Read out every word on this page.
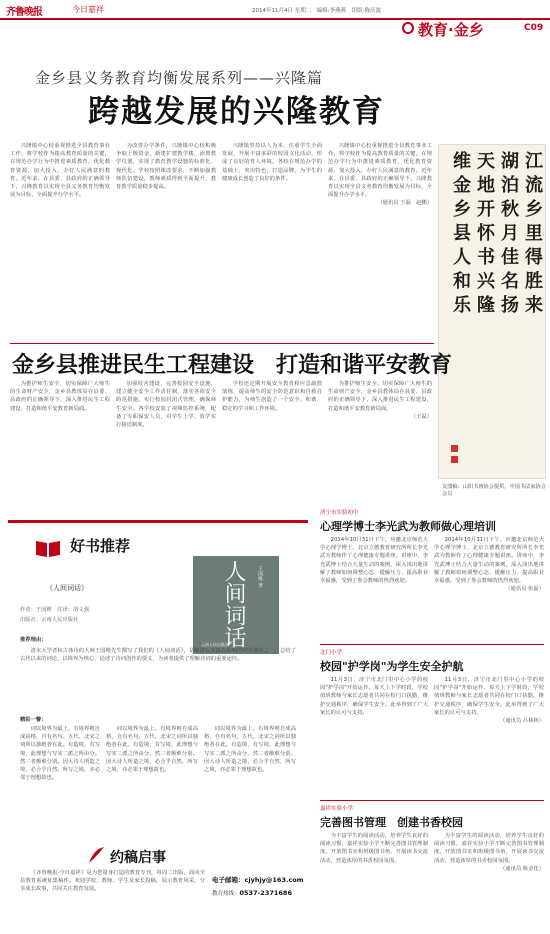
齐鲁晚报	今日嘉祥	2014年11月4日 星期二　编辑:李燕燕　组版:陈庆波
教育·金乡	C09
金乡县义务教育均衡发展系列——兴隆篇
跨越发展的兴隆教育

兴隆镇中心校重视推进全县教育事业工作，将学校作为提高教育质量的关键，在规范办学行为中推进素质教育，优化教育资源，加大投入，办好人民满意的教育。近年来，在县委、县政府的正确领导下，兴隆教育以实现全县义务教育均衡发展为目标，全面提升办学水平。

为改善办学条件，兴隆镇中心校积极争取上级资金，新建扩建教学楼，添置教学仪器，实现了教育教学设施的标准化、现代化。学校按照课改要求，不断加强教师队伍建设，教师素质得到全面提升，教育教学质量稳步提高。

兴隆镇坚持以人为本，注重学生全面发展，开展丰富多彩的校园文化活动，形成了良好的育人环境。各校在规范办学的基础上，突出特色，打造品牌，为学生的健康成长创造了良好的条件。

兴隆镇中心校重视推进全县教育事业工作，将学校作为提高教育质量的关键，在规范办学行为中推进素质教育，优化教育资源，加大投入，办好人民满意的教育。近年来，在县委、县政府的正确领导下，兴隆教育以实现全县义务教育均衡发展为目标，全面提升办学水平。

（通讯员 王磊　赵鹏）	江流乡里得胜来
湖泊秋月佳名扬
天地开怀书兴隆
维金乡县人和乐
友图稿：山阳书画协会提供，中国书法家协会会员
金乡县推进民生工程建设　打造和谐平安教育

为推护师生安全，切实保障广大师生的生命财产安全，金乡县教体局在县委、县政府的正确领导下，深入推进民生工程建设，打造和谐平安教育新局面。

加强校舍建设，完善校园安全设施，建立健全安全工作责任制，落实各项安全防范措施，实行校园封闭式管理，确保师生安全。各学校安装了视频监控系统，配备了专职保安人员，对学生上学、放学实行接送制度。

学校还定期开展安全教育和应急疏散演练，提高师生的安全防范意识和自救自护能力，为师生创造了一个安全、和谐、稳定的学习和工作环境。

为推护师生安全，切实保障广大师生的生命财产安全，金乡县教体局在县委、县政府的正确领导下，深入推进民生工程建设，打造和谐平安教育新局面。

（王磊）
好书推荐
《人间词话》
作者：王国维　注译：胡文强
出版社：云南人民出版社	人间词话 王国维 著
云南人民出版社
推荐理由：

清末大学者和古体诗的大师王国维先生撰写了我们的《人间词话》，是晚清以来最有影响的词学著作之一，总结了古代以来的词论，以境界为核心，论述了诗词创作的要义，为读者提供了理解诗词的重要途径。

精彩一瞥：

词以境界为最上。有境界则自成高格，自有名句。五代、北宋之词所以独绝者在此。有造境，有写境，此理想与写实二派之所由分。然二者颇难分别。因大诗人所造之境，必合乎自然，所写之境，亦必邻于理想故也。

词以境界为最上。有境界则自成高格，自有名句。五代、北宋之词所以独绝者在此。有造境，有写境，此理想与写实二派之所由分。然二者颇难分别。因大诗人所造之境，必合乎自然，所写之境，亦必邻于理想故也。

词以境界为最上。有境界则自成高格，自有名句。五代、北宋之词所以独绝者在此。有造境，有写境，此理想与写实二派之所由分。然二者颇难分别。因大诗人所造之境，必合乎自然，所写之境，亦必邻于理想故也。

约稿启事

《齐鲁晚报·今日嘉祥》是为您量身打造的教育专刊，每周二出版，面向全县教育系统征集稿件。欢迎学校、教师、学生及家长投稿，展示教育风采，分享成长故事，共同关注教育发展。

电子邮箱：cjyhjy@163.com
教育热线：0537-2371686
济宁市实验初中
心理学博士李光武为教师做心理培训

2014年10月31日下午，应邀北京师范大学心理学博士、北京立德教育研究所所长李光武为教师作了心理健康专题讲座。讲座中，李光武博士结合大量生动的案例，深入浅出地讲解了教师如何调整心态、缓解压力、提高职业幸福感，受到了参会教师的热烈欢迎。

2014年10月31日下午，应邀北京师范大学心理学博士、北京立德教育研究所所长李光武为教师作了心理健康专题讲座。讲座中，李光武博士结合大量生动的案例，深入浅出地讲解了教师如何调整心态、缓解压力、提高职业幸福感，受到了参会教师的热烈欢迎。

（通讯员 张磊）
北门小学
校园"护学岗"为学生安全护航

11月3日，济宁市北门里中心小学的校园"护学岗"开始运作。每天上下学时段，学校值班教师与家长志愿者共同在校门口执勤，维护交通秩序，确保学生安全。此举得到了广大家长的认可与支持。

11月3日，济宁市北门里中心小学的校园"护学岗"开始运作。每天上下学时段，学校值班教师与家长志愿者共同在校门口执勤，维护交通秩序，确保学生安全。此举得到了广大家长的认可与支持。

（通讯员 吕林林）
嘉祥实验小学
完善图书管理　创建书香校园

为丰富学生的阅读活动，培养学生良好的阅读习惯，嘉祥实验小学不断完善图书管理制度，开放图书室和班级图书角，开展读书交流活动，营造浓厚的书香校园氛围。

为丰富学生的阅读活动，培养学生良好的阅读习惯，嘉祥实验小学不断完善图书管理制度，开放图书室和班级图书角，开展读书交流活动，营造浓厚的书香校园氛围。

（通讯员 陈金花）
